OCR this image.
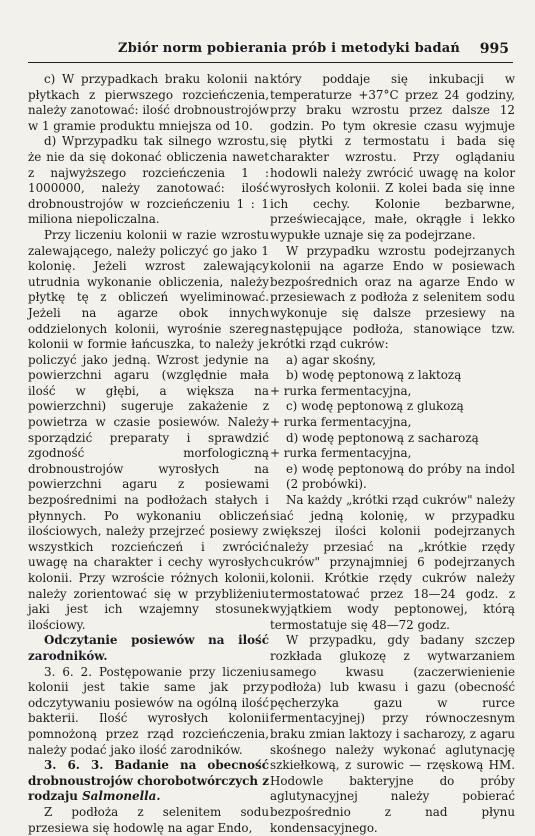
Zbiór norm pobierania prób i metodyki badań 995

c) W przypadkach braku kolonii na płytkach z pierwszego rozcieńczenia, należy zanotować: ilość drobnoustrojów w 1 gramie produktu mniejsza od 10.

d) Wprzypadku tak silnego wzrostu, że nie da się dokonać obliczenia nawet z najwyższego rozcieńczenia 1 : 1000000, należy zanotować: ilość drobnoustrojów w rozcieńczeniu 1 : 1 miliona niepoliczalna.

Przy liczeniu kolonii w razie wzrostu zalewającego, należy policzyć go jako 1 kolonię. Jeżeli wzrost zalewający utrudnia wykonanie obliczenia, należy płytkę tę z obliczeń wyeliminować. Jeżeli na agarze obok innych oddzielonych kolonii, wyrośnie szereg kolonii w formie łańcuszka, to należy je policzyć jako jedną. Wzrost jedynie na powierzchni agaru (względnie mała ilość w głębi, a większa na powierzchni) sugeruje zakażenie z powietrza w czasie posiewów. Należy sporządzić preparaty i sprawdzić zgodność morfologiczną drobnoustrojów wyrosłych na powierzchni agaru z posiewami bezpośrednimi na podłożach stałych i płynnych. Po wykonaniu obliczeń ilościowych, należy przejrzeć posiewy z wszystkich rozcieńczeń i zwrócić uwagę na charakter i cechy wyrosłych kolonii. Przy wzroście różnych kolonii, należy zorientować się w przybliżeniu jaki jest ich wzajemny stosunek ilościowy.

Odczytanie posiewów na ilość zarodników.

3. 6. 2. Postępowanie przy liczeniu kolonii jest takie same jak przy odczytywaniu posiewów na ogólną ilość bakterii. Ilość wyrosłych kolonii pomnożoną przez rząd rozcieńczenia, należy podać jako ilość zarodników.

3. 6. 3. Badanie na obecność drobnoustrojów chorobotwórczych z rodzaju Salmonella.

Z podłoża z selenitem sodu przesiewa się hodowlę na agar Endo,

który poddaje się inkubacji w temperaturze +37°C przez 24 godziny, przy braku wzrostu przez dalsze 12 godzin. Po tym okresie czasu wyjmuje się płytki z termostatu i bada się charakter wzrostu. Przy oglądaniu hodowli należy zwrócić uwagę na kolor wyrosłych kolonii. Z kolei bada się inne ich cechy. Kolonie bezbarwne, przeświecające, małe, okrągłe i lekko wypukłe uznaje się za podejrzane.

W przypadku wzrostu podejrzanych kolonii na agarze Endo w posiewach bezpośrednich oraz na agarze Endo w przesiewach z podłoża z selenitem sodu wykonuje się dalsze przesiewy na następujące podłoża, stanowiące tzw. krótki rząd cukrów:

a) agar skośny,
b) wodę peptonową z laktozą
+ rurka fermentacyjna,
c) wodę peptonową z glukozą
+ rurka fermentacyjna,
d) wodę peptonową z sacharozą
+ rurka fermentacyjna,
e) wodę peptonową do próby na indol (2 probówki).

Na każdy „krótki rząd cukrów" należy siać jedną kolonię, w przypadku większej ilości kolonii podejrzanych należy przesiać na „krótkie rzędy cukrów" przynajmniej 6 podejrzanych kolonii. Krótkie rzędy cukrów należy termostatować przez 18—24 godz. z wyjątkiem wody peptonowej, którą termostatuje się 48—72 godz.

W przypadku, gdy badany szczep rozkłada glukozę z wytwarzaniem samego kwasu (zaczerwienienie podłoża) lub kwasu i gazu (obecność pęcherzyka gazu w rurce fermentacyjnej) przy równoczesnym braku zmian laktozy i sacharozy, z agaru skośnego należy wykonać aglutynację szkiełkową, z surowic — rzęskową HM. Hodowle bakteryjne do próby aglutynacyjnej należy pobierać bezpośrednio z nad płynu kondensacyjnego.
